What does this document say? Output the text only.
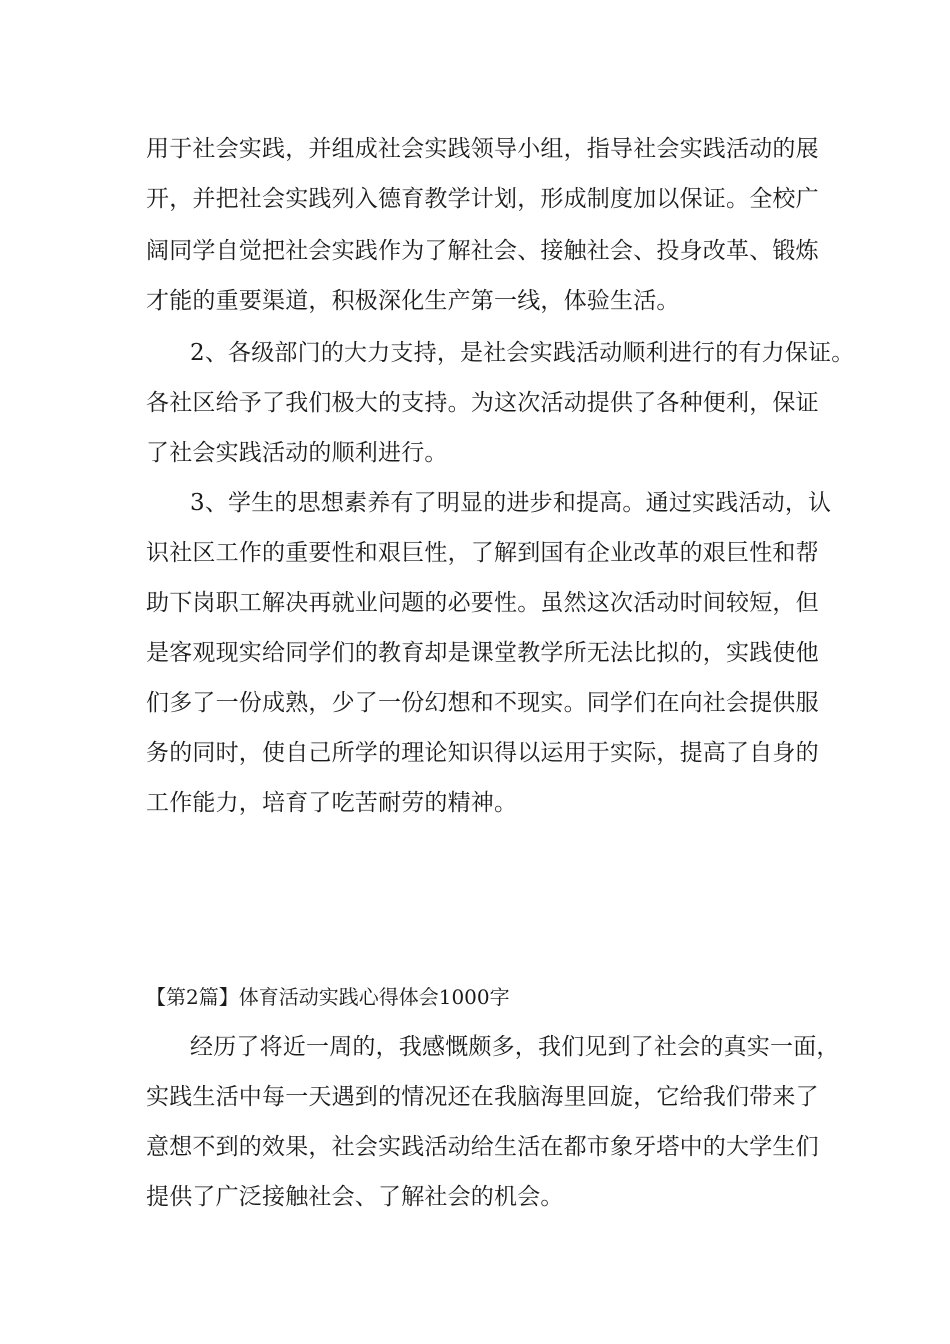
用于社会实践，并组成社会实践领导小组，指导社会实践活动的展
开，并把社会实践列入德育教学计划，形成制度加以保证。全校广
阔同学自觉把社会实践作为了解社会、接触社会、投身改革、锻炼
才能的重要渠道，积极深化生产第一线，体验生活。
2、各级部门的大力支持，是社会实践活动顺利进行的有力保证。
各社区给予了我们极大的支持。为这次活动提供了各种便利，保证
了社会实践活动的顺利进行。
3、学生的思想素养有了明显的进步和提高。通过实践活动，认
识社区工作的重要性和艰巨性，了解到国有企业改革的艰巨性和帮
助下岗职工解决再就业问题的必要性。虽然这次活动时间较短，但
是客观现实给同学们的教育却是课堂教学所无法比拟的，实践使他
们多了一份成熟，少了一份幻想和不现实。同学们在向社会提供服
务的同时，使自己所学的理论知识得以运用于实际，提高了自身的
工作能力，培育了吃苦耐劳的精神。
【第2篇】体育活动实践心得体会1000字
经历了将近一周的，我感慨颇多，我们见到了社会的真实一面，
实践生活中每一天遇到的情况还在我脑海里回旋，它给我们带来了
意想不到的效果，社会实践活动给生活在都市象牙塔中的大学生们
提供了广泛接触社会、了解社会的机会。
